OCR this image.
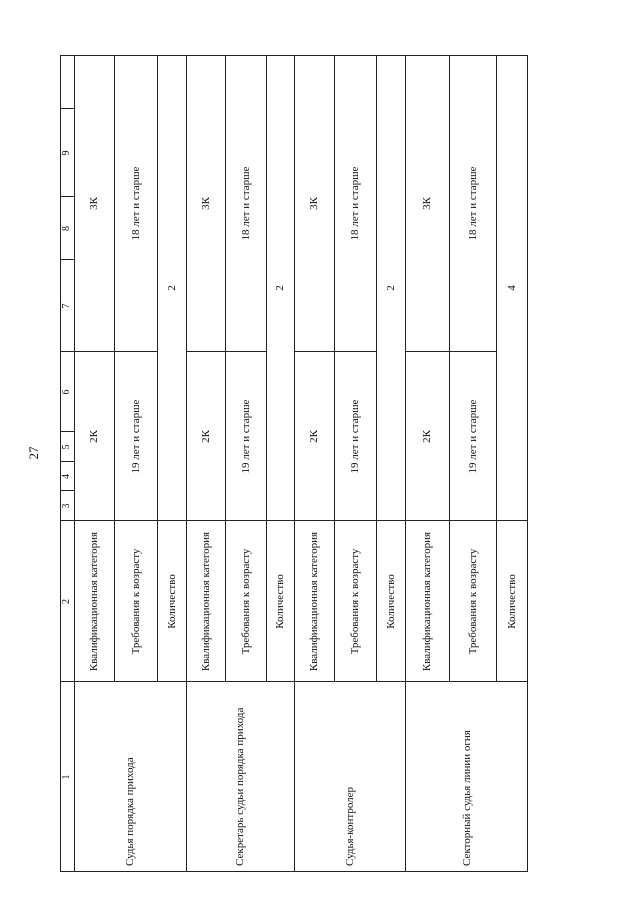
27
1
2
3
4
5
6
7
8
9
Судья порядка прихода
Квалификационная категория
2К
3К
Требования к возрасту
19 лет и старше
18 лет и старше
Количество
2
Секретарь судьи порядка прихода
Квалификационная категория
2К
3К
Требования к возрасту
19 лет и старше
18 лет и старше
Количество
2
Судья-контролер
Квалификационная категория
2К
3К
Требования к возрасту
19 лет и старше
18 лет и старше
Количество
2
Секторный судья линии огня
Квалификационная категория
2К
3К
Требования к возрасту
19 лет и старше
18 лет и старше
Количество
4
